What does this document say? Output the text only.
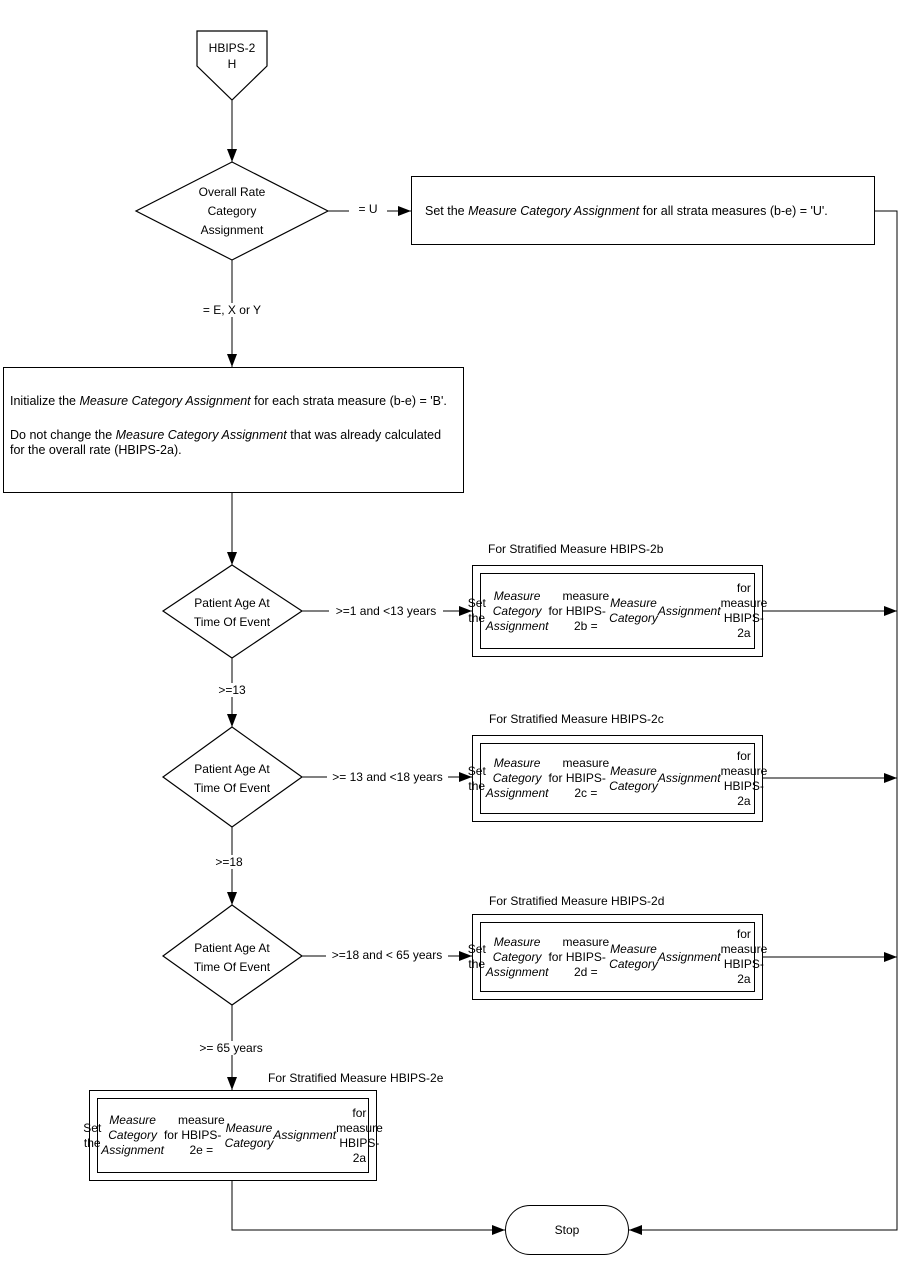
HBIPS-2
H
Overall Rate
Category
Assignment
Patient Age At
Time Of Event
Patient Age At
Time Of Event
Patient Age At
Time Of Event
= U
= E, X or Y
>=1 and <13 years
>=13
>= 13 and <18 years
>=18
>=18 and < 65 years
>= 65 years
Set the Measure Category Assignment for all strata measures (b-e) = 'U'.
Initialize the Measure Category Assignment for each strata measure (b-e) = 'B'.
Do not change the Measure Category Assignment that was already calculated for the overall rate (HBIPS-2a).
For Stratified Measure HBIPS-2b
Set the
Measure Category Assignment
for

measure HBIPS-2b =
Measure Category

Assignment
for measure HBIPS-2a
For Stratified Measure HBIPS-2c
Set the
Measure Category Assignment
for

measure HBIPS-2c =
Measure Category

Assignment
for measure HBIPS-2a
For Stratified Measure HBIPS-2d
Set the
Measure Category Assignment
for

measure HBIPS-2d =
Measure Category

Assignment
for measure HBIPS-2a
For Stratified Measure HBIPS-2e
Set the
Measure Category Assignment
for

measure HBIPS-2e =
Measure Category

Assignment
for measure HBIPS-2a
Stop
